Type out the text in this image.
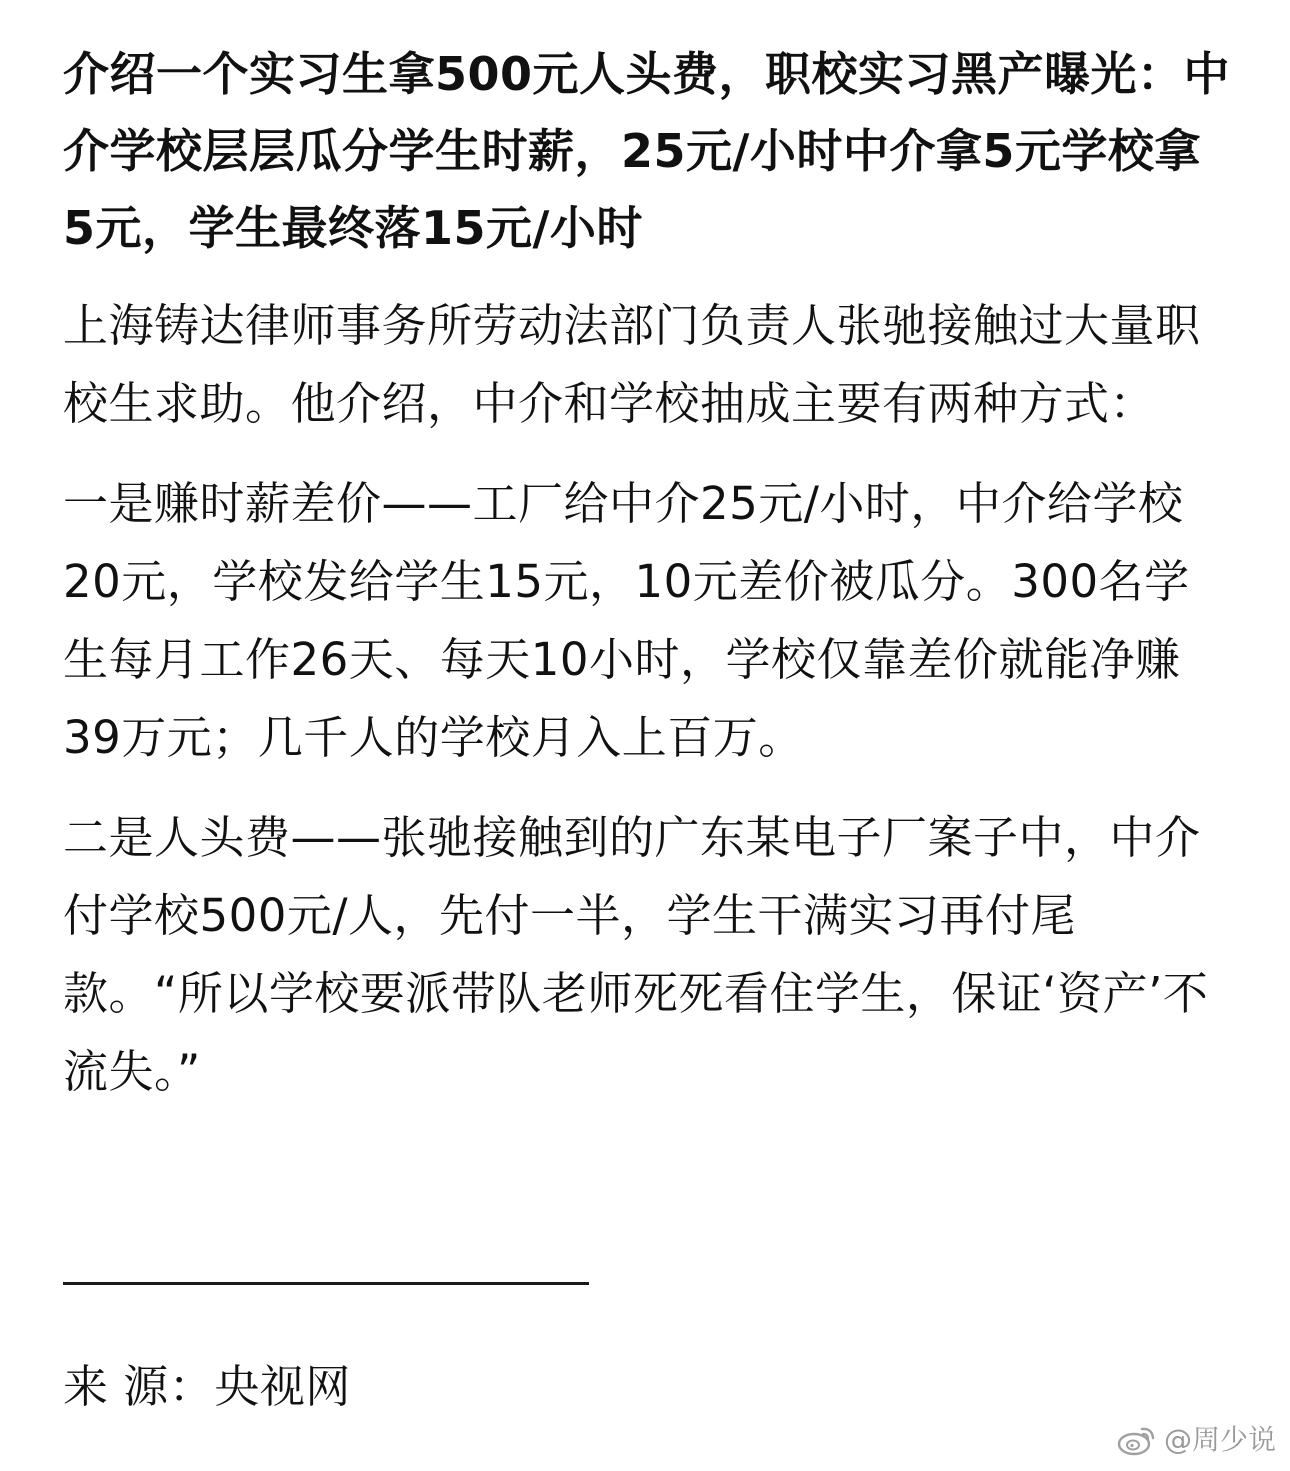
介绍一个实习生拿500元人头费，职校实习黑产曝光：中介学校层层瓜分学生时薪，25元/小时中介拿5元学校拿5元，学生最终落15元/小时

上海铸达律师事务所劳动法部门负责人张驰接触过大量职校生求助。他介绍，中介和学校抽成主要有两种方式：

一是赚时薪差价——工厂给中介25元/小时，中介给学校20元，学校发给学生15元，10元差价被瓜分。300名学生每月工作26天、每天10小时，学校仅靠差价就能净赚39万元；几千人的学校月入上百万。

二是人头费——张驰接触到的广东某电子厂案子中，中介付学校500元/人，先付一半，学生干满实习再付尾款。“所以学校要派带队老师死死看住学生，保证‘资产’不流失。”

来 源：央视网
@周少说
